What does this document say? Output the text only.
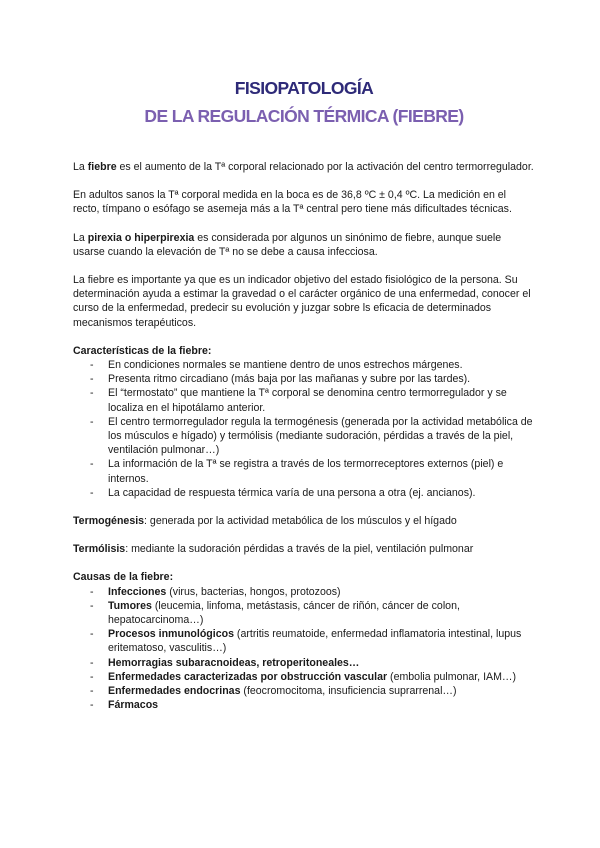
FISIOPATOLOGÍA
DE LA REGULACIÓN TÉRMICA (FIEBRE)

La fiebre es el aumento de la Tª corporal relacionado por la activación del centro termorregulador.

En adultos sanos la Tª corporal medida en la boca es de 36,8 ºC ± 0,4 ºC. La medición en el recto, tímpano o esófago se asemeja más a la Tª central pero tiene más dificultades técnicas.

La pirexia o hiperpirexia es considerada por algunos un sinónimo de fiebre, aunque suele usarse cuando la elevación de Tª no se debe a causa infecciosa.

La fiebre es importante ya que es un indicador objetivo del estado fisiológico de la persona. Su determinación ayuda a estimar la gravedad o el carácter orgánico de una enfermedad, conocer el curso de la enfermedad, predecir su evolución y juzgar sobre ls eficacia de determinados mecanismos terapéuticos.

Características de la fiebre:
- En condiciones normales se mantiene dentro de unos estrechos márgenes.
- Presenta ritmo circadiano (más baja por las mañanas y subre por las tardes).
- El “termostato” que mantiene la Tª corporal se denomina centro termorregulador y se localiza en el hipotálamo anterior.
- El centro termorregulador regula la termogénesis (generada por la actividad metabólica de los músculos e hígado) y termólisis (mediante sudoración, pérdidas a través de la piel, ventilación pulmonar…)
- La información de la Tª se registra a través de los termorreceptores externos (piel) e internos.
- La capacidad de respuesta térmica varía de una persona a otra (ej. ancianos).

Termogénesis: generada por la actividad metabólica de los músculos y el hígado

Termólisis: mediante la sudoración pérdidas a través de la piel, ventilación pulmonar

Causas de la fiebre:
- Infecciones (virus, bacterias, hongos, protozoos)
- Tumores (leucemia, linfoma, metástasis, cáncer de riñón, cáncer de colon, hepatocarcinoma…)
- Procesos inmunológicos (artritis reumatoide, enfermedad inflamatoria intestinal, lupus eritematoso, vasculitis…)
- Hemorragias subaracnoideas, retroperitoneales…
- Enfermedades caracterizadas por obstrucción vascular (embolia pulmonar, IAM…)
- Enfermedades endocrinas (feocromocitoma, insuficiencia suprarrenal…)
- Fármacos
